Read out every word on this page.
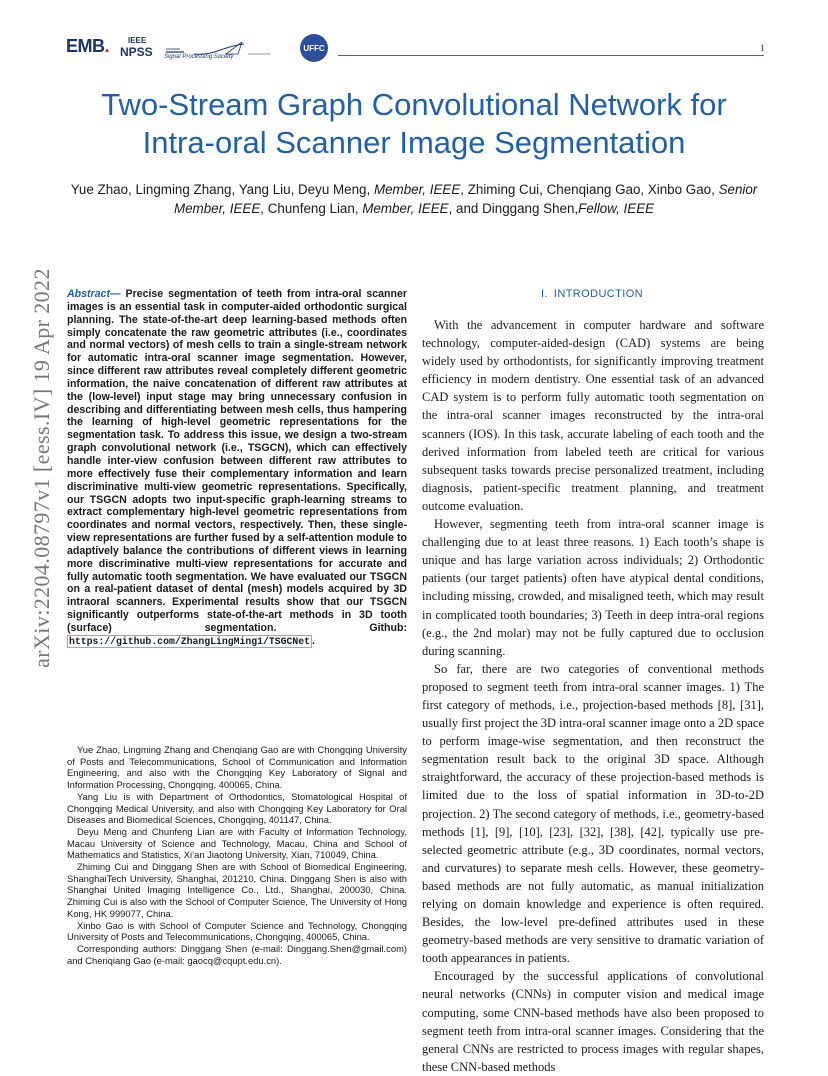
EMB.	IEEE
NPSS Signal Processing Society
UFFC	1
Two-Stream Graph Convolutional Network for
Intra-oral Scanner Image Segmentation
Yue Zhao, Lingming Zhang, Yang Liu, Deyu Meng, Member, IEEE, Zhiming Cui, Chenqiang Gao, Xinbo Gao, Senior Member, IEEE, Chunfeng Lian, Member, IEEE, and Dinggang Shen,Fellow, IEEE
arXiv:2204.08797v1 [eess.IV] 19 Apr 2022 Abstract— Precise segmentation of teeth from intra-oral scanner images is an essential task in computer-aided orthodontic surgical planning. The state-of-the-art deep learning-based methods often simply concatenate the raw geometric attributes (i.e., coordinates and normal vectors) of mesh cells to train a single-stream network for automatic intra-oral scanner image segmentation. However, since different raw attributes reveal completely different geometric information, the naive concatenation of different raw attributes at the (low-level) input stage may bring unnecessary confusion in describing and differentiating between mesh cells, thus hampering the learning of high-level geometric representations for the segmentation task. To address this issue, we design a two-stream graph convolutional network (i.e., TSGCN), which can effectively handle inter-view confusion between different raw attributes to more effectively fuse their complementary information and learn discriminative multi-view geometric representations. Specifically, our TSGCN adopts two input-specific graph-learning streams to extract complementary high-level geometric representations from coordinates and normal vectors, respectively. Then, these single-view representations are further fused by a self-attention module to adaptively balance the contributions of different views in learning more discriminative multi-view representations for accurate and fully automatic tooth segmentation. We have evaluated our TSGCN on a real-patient dataset of dental (mesh) models acquired by 3D intraoral scanners. Experimental results show that our TSGCN significantly outperforms state-of-the-art methods in 3D tooth (surface) segmentation. Github: https://github.com/ZhangLingMing1/TSGCNet .

Yue Zhao, Lingming Zhang and Chenqiang Gao are with Chongqing University of Posts and Telecommunications, School of Communication and Information Engineering, and also with the Chongqing Key Laboratory of Signal and Information Processing, Chongqing, 400065, China.

Yang Liu is with Department of Orthodontics, Stomatological Hospital of Chongqing Medical University, and also with Chongqing Key Laboratory for Oral Diseases and Biomedical Sciences, Chongqing, 401147, China.

Deyu Meng and Chunfeng Lian are with Faculty of Information Technology, Macau University of Science and Technology, Macau, China and School of Mathematics and Statistics, Xi’an Jiaotong University, Xian, 710049, China.

Zhiming Cui and Dinggang Shen are with School of Biomedical Engineering, ShanghaiTech University, Shanghai, 201210, China. Dinggang Shen is also with Shanghai United Imaging Intelligence Co., Ltd., Shanghai, 200030, China. Zhiming Cui is also with the School of Computer Science, The University of Hong Kong, HK 999077, China.

Xinbo Gao is with School of Computer Science and Technology, Chongqing University of Posts and Telecommunications, Chongqing, 400065, China.

Corresponding authors: Dinggang Shen (e-mail: Dinggang.Shen@gmail.com) and Chenqiang Gao (e-mail: gaocq@cqupt.edu.cn).

I. INTRODUCTION

With the advancement in computer hardware and software technology, computer-aided-design (CAD) systems are being widely used by orthodontists, for significantly improving treatment efficiency in modern dentistry. One essential task of an advanced CAD system is to perform fully automatic tooth segmentation on the intra-oral scanner images reconstructed by the intra-oral scanners (IOS). In this task, accurate labeling of each tooth and the derived information from labeled teeth are critical for various subsequent tasks towards precise personalized treatment, including diagnosis, patient-specific treatment planning, and treatment outcome evaluation.

However, segmenting teeth from intra-oral scanner image is challenging due to at least three reasons. 1) Each tooth’s shape is unique and has large variation across individuals; 2) Orthodontic patients (our target patients) often have atypical dental conditions, including missing, crowded, and misaligned teeth, which may result in complicated tooth boundaries; 3) Teeth in deep intra-oral regions (e.g., the 2nd molar) may not be fully captured due to occlusion during scanning.

So far, there are two categories of conventional methods proposed to segment teeth from intra-oral scanner images. 1) The first category of methods, i.e., projection-based methods [8], [31], usually first project the 3D intra-oral scanner image onto a 2D space to perform image-wise segmentation, and then reconstruct the segmentation result back to the original 3D space. Although straightforward, the accuracy of these projection-based methods is limited due to the loss of spatial information in 3D-to-2D projection. 2) The second category of methods, i.e., geometry-based methods [1], [9], [10], [23], [32], [38], [42], typically use pre-selected geometric attribute (e.g., 3D coordinates, normal vectors, and curvatures) to separate mesh cells. However, these geometry-based methods are not fully automatic, as manual initialization relying on domain knowledge and experience is often required. Besides, the low-level pre-defined attributes used in these geometry-based methods are very sensitive to dramatic variation of tooth appearances in patients.

Encouraged by the successful applications of convolutional neural networks (CNNs) in computer vision and medical image computing, some CNN-based methods have also been proposed to segment teeth from intra-oral scanner images. Considering that the general CNNs are restricted to process images with regular shapes, these CNN-based methods
